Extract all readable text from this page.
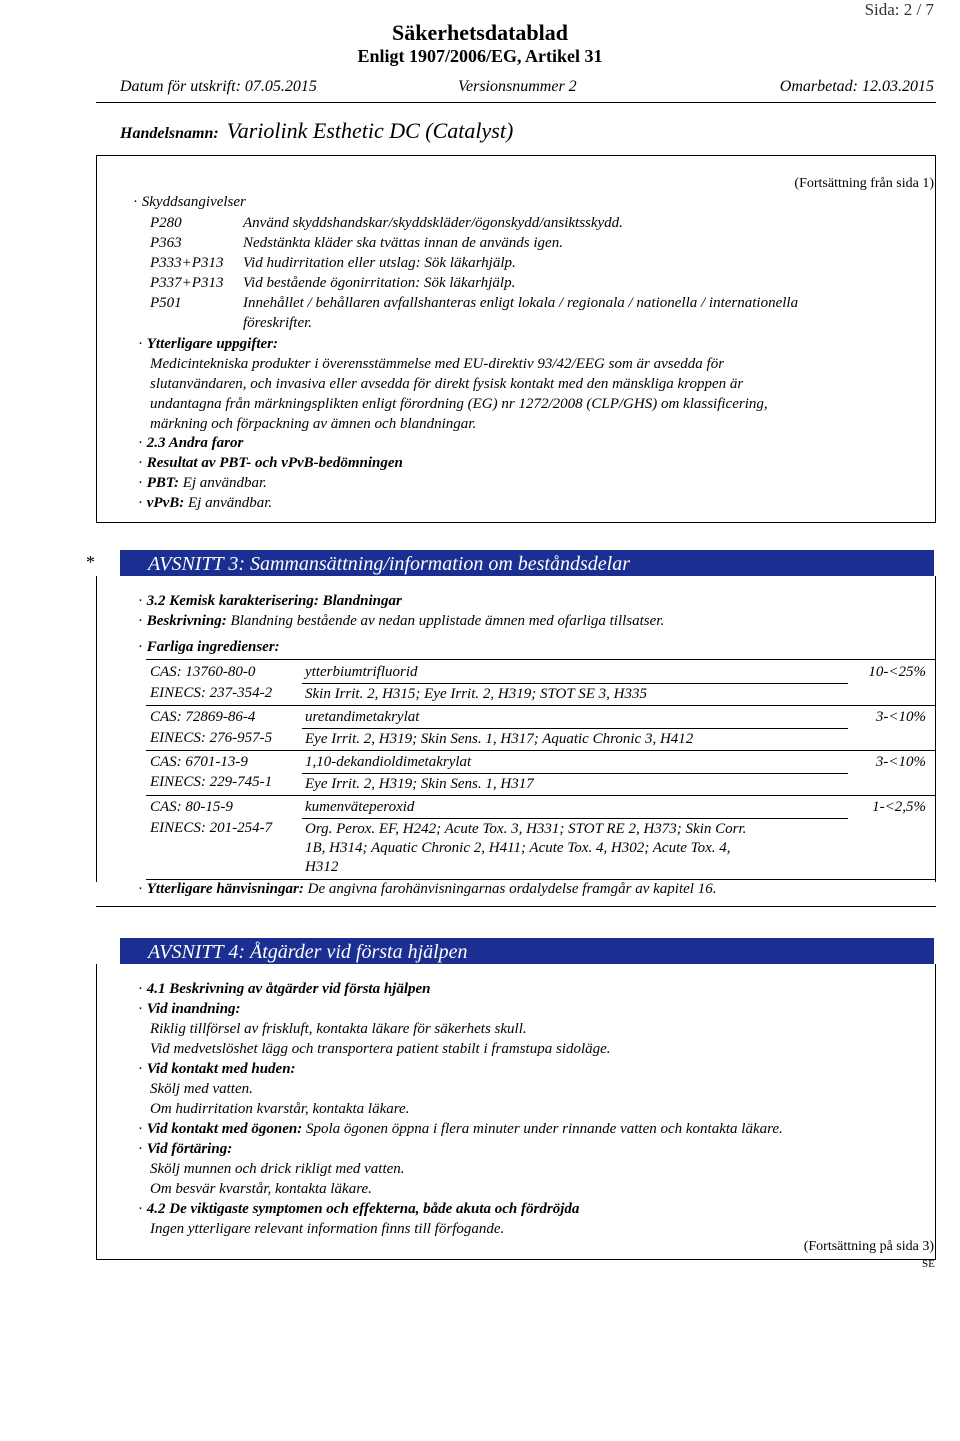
Sida: 2 / 7
Säkerhetsdatablad
Enligt 1907/2006/EG, Artikel 31
Datum för utskrift: 07.05.2015	Versionsnummer 2	Omarbetad: 12.03.2015
Handelsnamn: Variolink Esthetic DC (Catalyst)
(Fortsättning från sida 1)
· Skyddsangivelser
P280	Använd skyddshandskar/skyddskläder/ögonskydd/ansiktsskydd.
P363	Nedstänkta kläder ska tvättas innan de används igen.
P333+P313 Vid hudirritation eller utslag: Sök läkarhjälp.
P337+P313 Vid bestående ögonirritation: Sök läkarhjälp.
P501	Innehållet / behållaren avfallshanteras enligt lokala / regionala / nationella / internationella
föreskrifter.
· Ytterligare uppgifter:
Medicintekniska produkter i överensstämmelse med EU-direktiv 93/42/EEG som är avsedda för
slutanvändaren, och invasiva eller avsedda för direkt fysisk kontakt med den mänskliga kroppen är
undantagna från märkningsplikten enligt förordning (EG) nr 1272/2008 (CLP/GHS) om klassificering,
märkning och förpackning av ämnen och blandningar.
· 2.3 Andra faror
· Resultat av PBT- och vPvB-bedömningen
· PBT: Ej användbar.
· vPvB: Ej användbar.
*	AVSNITT 3: Sammansättning/information om beståndsdelar
· 3.2 Kemisk karakterisering: Blandningar
· Beskrivning: Blandning bestående av nedan upplistade ämnen med ofarliga tillsatser.
· Farliga ingredienser:
CAS: 13760-80-0	ytterbiumtrifluorid	10-<25%
EINECS: 237-354-2 Skin Irrit. 2, H315; Eye Irrit. 2, H319; STOT SE 3, H335
CAS: 72869-86-4	uretandimetakrylat	3-<10%
EINECS: 276-957-5 Eye Irrit. 2, H319; Skin Sens. 1, H317; Aquatic Chronic 3, H412
CAS: 6701-13-9	1,10-dekandioldimetakrylat	3-<10%
EINECS: 229-745-1 Eye Irrit. 2, H319; Skin Sens. 1, H317
CAS: 80-15-9	kumenväteperoxid	1-<2,5%
EINECS: 201-254-7 Org. Perox. EF, H242; Acute Tox. 3, H331; STOT RE 2, H373; Skin Corr.
1B, H314; Aquatic Chronic 2, H411; Acute Tox. 4, H302; Acute Tox. 4,
H312
· Ytterligare hänvisningar: De angivna farohänvisningarnas ordalydelse framgår av kapitel 16.
AVSNITT 4: Åtgärder vid första hjälpen
· 4.1 Beskrivning av åtgärder vid första hjälpen
· Vid inandning:
Riklig tillförsel av friskluft, kontakta läkare för säkerhets skull.
Vid medvetslöshet lägg och transportera patient stabilt i framstupa sidoläge.
· Vid kontakt med huden:
Skölj med vatten.
Om hudirritation kvarstår, kontakta läkare.
· Vid kontakt med ögonen: Spola ögonen öppna i flera minuter under rinnande vatten och kontakta läkare.
· Vid förtäring:
Skölj munnen och drick rikligt med vatten.
Om besvär kvarstår, kontakta läkare.
· 4.2 De viktigaste symptomen och effekterna, både akuta och fördröjda
Ingen ytterligare relevant information finns till förfogande.
(Fortsättning på sida 3)
SE
